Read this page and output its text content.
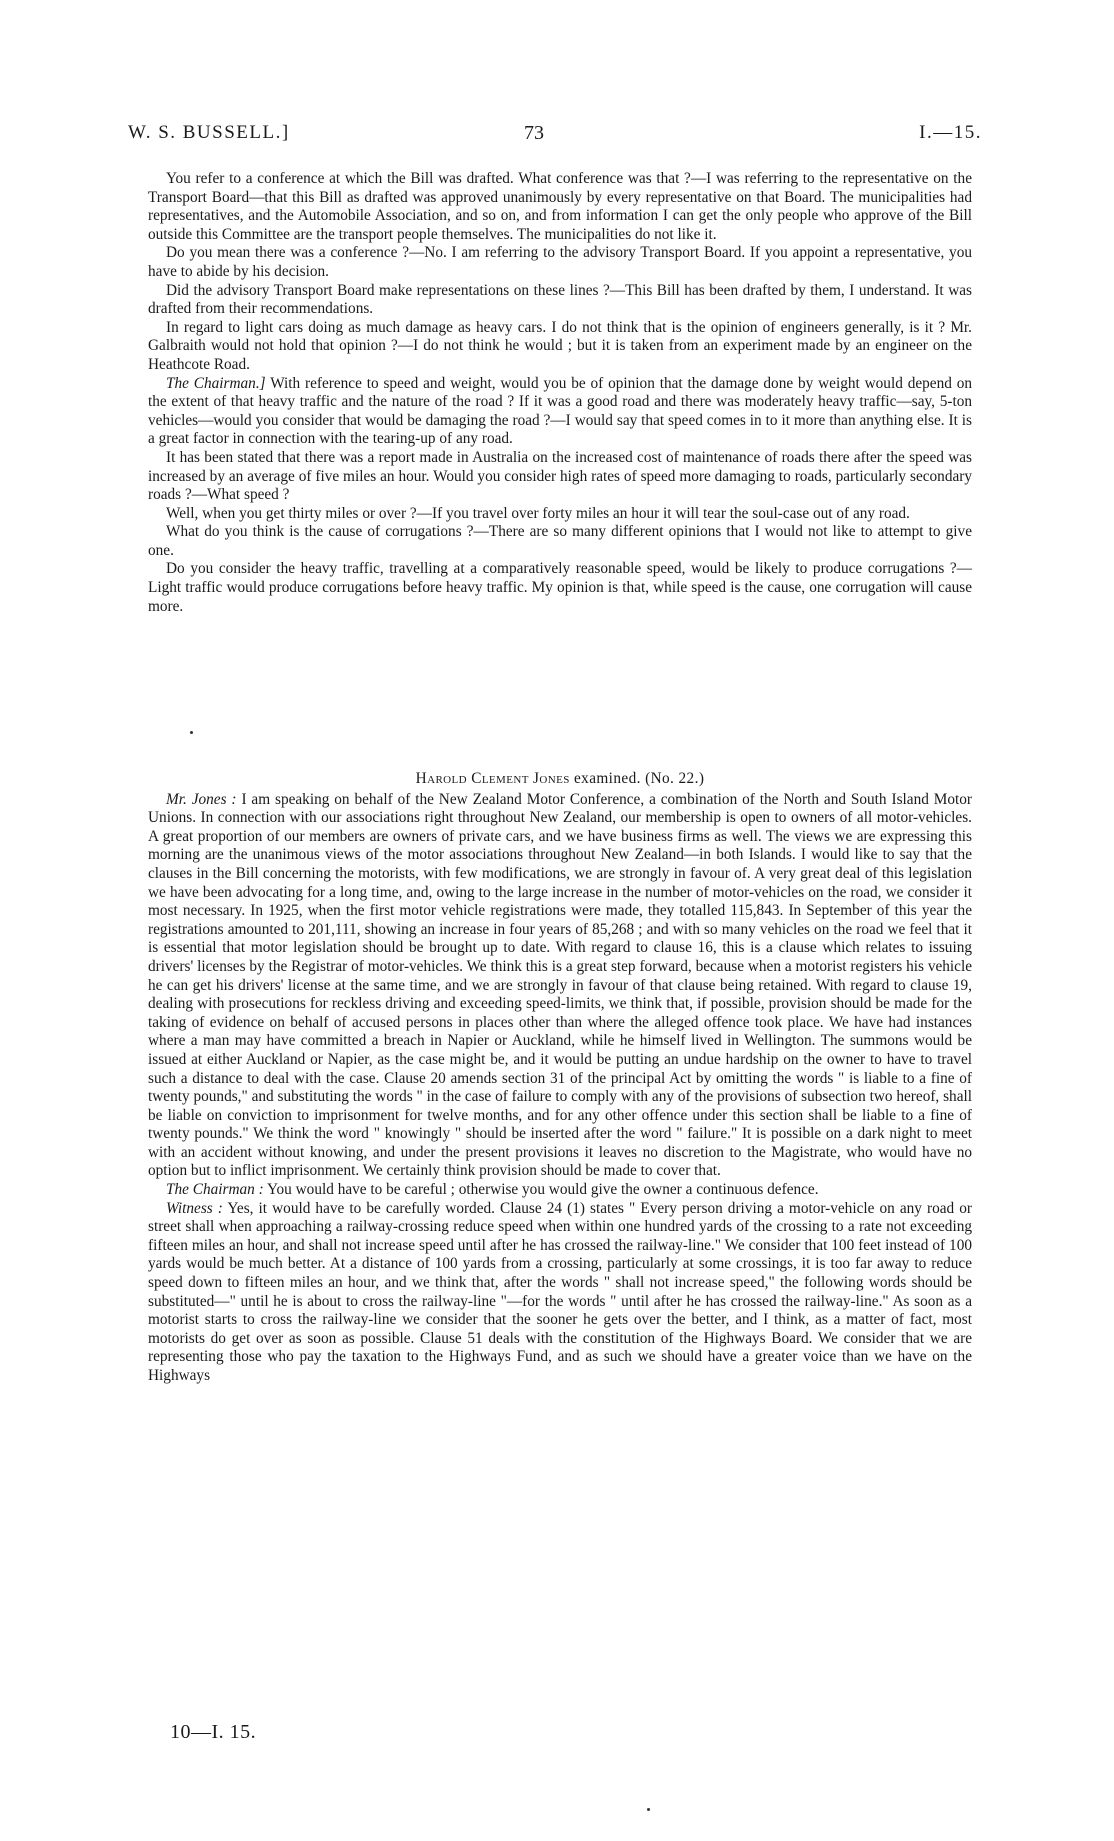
W. S. BUSSELL.]	73	I.—15.

You refer to a conference at which the Bill was drafted. What conference was that ?—I was referring to the representative on the Transport Board—that this Bill as drafted was approved unanimously by every representative on that Board. The municipalities had representatives, and the Automobile Association, and so on, and from information I can get the only people who approve of the Bill outside this Committee are the transport people themselves. The municipalities do not like it.

Do you mean there was a conference ?—No. I am referring to the advisory Transport Board. If you appoint a representative, you have to abide by his decision.

Did the advisory Transport Board make representations on these lines ?—This Bill has been drafted by them, I understand. It was drafted from their recommendations.

In regard to light cars doing as much damage as heavy cars. I do not think that is the opinion of engineers generally, is it ? Mr. Galbraith would not hold that opinion ?—I do not think he would ; but it is taken from an experiment made by an engineer on the Heathcote Road.

The Chairman.] With reference to speed and weight, would you be of opinion that the damage done by weight would depend on the extent of that heavy traffic and the nature of the road ? If it was a good road and there was moderately heavy traffic—say, 5-ton vehicles—would you consider that would be damaging the road ?—I would say that speed comes in to it more than anything else. It is a great factor in connection with the tearing-up of any road.

It has been stated that there was a report made in Australia on the increased cost of maintenance of roads there after the speed was increased by an average of five miles an hour. Would you consider high rates of speed more damaging to roads, particularly secondary roads ?—What speed ?

Well, when you get thirty miles or over ?—If you travel over forty miles an hour it will tear the soul-case out of any road.

What do you think is the cause of corrugations ?—There are so many different opinions that I would not like to attempt to give one.

Do you consider the heavy traffic, travelling at a comparatively reasonable speed, would be likely to produce corrugations ?—Light traffic would produce corrugations before heavy traffic. My opinion is that, while speed is the cause, one corrugation will cause more.

Harold Clement Jones examined. (No. 22.)

Mr. Jones : I am speaking on behalf of the New Zealand Motor Conference, a combination of the North and South Island Motor Unions. In connection with our associations right throughout New Zealand, our membership is open to owners of all motor-vehicles. A great proportion of our members are owners of private cars, and we have business firms as well. The views we are expressing this morning are the unanimous views of the motor associations throughout New Zealand—in both Islands. I would like to say that the clauses in the Bill concerning the motorists, with few modifications, we are strongly in favour of. A very great deal of this legislation we have been advocating for a long time, and, owing to the large increase in the number of motor-vehicles on the road, we consider it most necessary. In 1925, when the first motor vehicle registrations were made, they totalled 115,843. In September of this year the registrations amounted to 201,111, showing an increase in four years of 85,268 ; and with so many vehicles on the road we feel that it is essential that motor legislation should be brought up to date. With regard to clause 16, this is a clause which relates to issuing drivers' licenses by the Registrar of motor-vehicles. We think this is a great step forward, because when a motorist registers his vehicle he can get his drivers' license at the same time, and we are strongly in favour of that clause being retained. With regard to clause 19, dealing with prosecutions for reckless driving and exceeding speed-limits, we think that, if possible, provision should be made for the taking of evidence on behalf of accused persons in places other than where the alleged offence took place. We have had instances where a man may have committed a breach in Napier or Auckland, while he himself lived in Wellington. The summons would be issued at either Auckland or Napier, as the case might be, and it would be putting an undue hardship on the owner to have to travel such a distance to deal with the case. Clause 20 amends section 31 of the principal Act by omitting the words " is liable to a fine of twenty pounds," and substituting the words " in the case of failure to comply with any of the provisions of subsection two hereof, shall be liable on conviction to imprisonment for twelve months, and for any other offence under this section shall be liable to a fine of twenty pounds." We think the word " knowingly " should be inserted after the word " failure." It is possible on a dark night to meet with an accident without knowing, and under the present provisions it leaves no discretion to the Magistrate, who would have no option but to inflict imprisonment. We certainly think provision should be made to cover that.

The Chairman : You would have to be careful ; otherwise you would give the owner a continuous defence.

Witness : Yes, it would have to be carefully worded. Clause 24 (1) states " Every person driving a motor-vehicle on any road or street shall when approaching a railway-crossing reduce speed when within one hundred yards of the crossing to a rate not exceeding fifteen miles an hour, and shall not increase speed until after he has crossed the railway-line." We consider that 100 feet instead of 100 yards would be much better. At a distance of 100 yards from a crossing, particularly at some crossings, it is too far away to reduce speed down to fifteen miles an hour, and we think that, after the words " shall not increase speed," the following words should be substituted—" until he is about to cross the railway-line "—for the words " until after he has crossed the railway-line." As soon as a motorist starts to cross the railway-line we consider that the sooner he gets over the better, and I think, as a matter of fact, most motorists do get over as soon as possible. Clause 51 deals with the constitution of the Highways Board. We consider that we are representing those who pay the taxation to the Highways Fund, and as such we should have a greater voice than we have on the Highways

10—I. 15.
